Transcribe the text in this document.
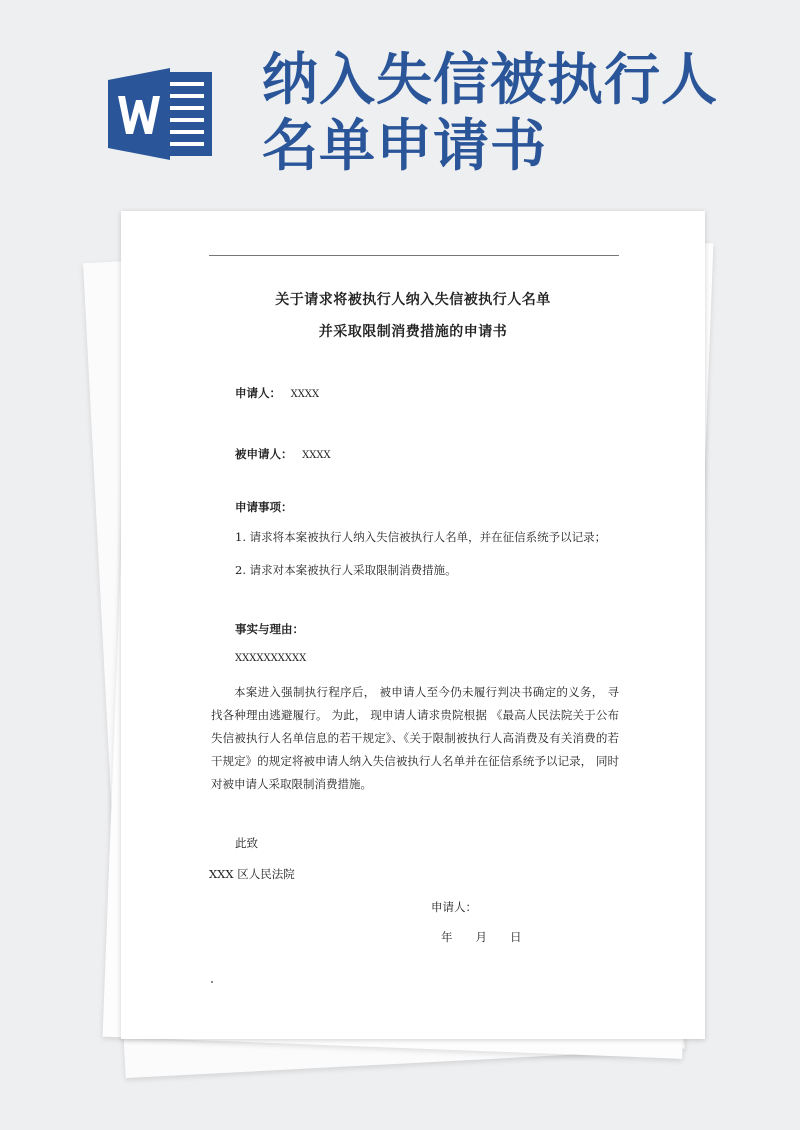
纳入失信被执行人
名单申请书
关于请求将被执行人纳入失信被执行人名单
并采取限制消费措施的申请书
申请人： XXXX
被申请人： XXXX
申请事项：
1. 请求将本案被执行人纳入失信被执行人名单，并在征信系统予以记录；
2. 请求对本案被执行人采取限制消费措施。
事实与理由：
XXXXXXXXXX
本案进入强制执行程序后， 被申请人至今仍未履行判决书确定的义务， 寻找各种理由逃避履行。 为此， 现申请人请求贵院根据 《最高人民法院关于公布失信被执行人名单信息的若干规定》、《关于限制被执行人高消费及有关消费的若干规定》的规定将被申请人纳入失信被执行人名单并在征信系统予以记录， 同时对被申请人采取限制消费措施。
此致
XXX 区人民法院
申请人：
年　　月　　日
